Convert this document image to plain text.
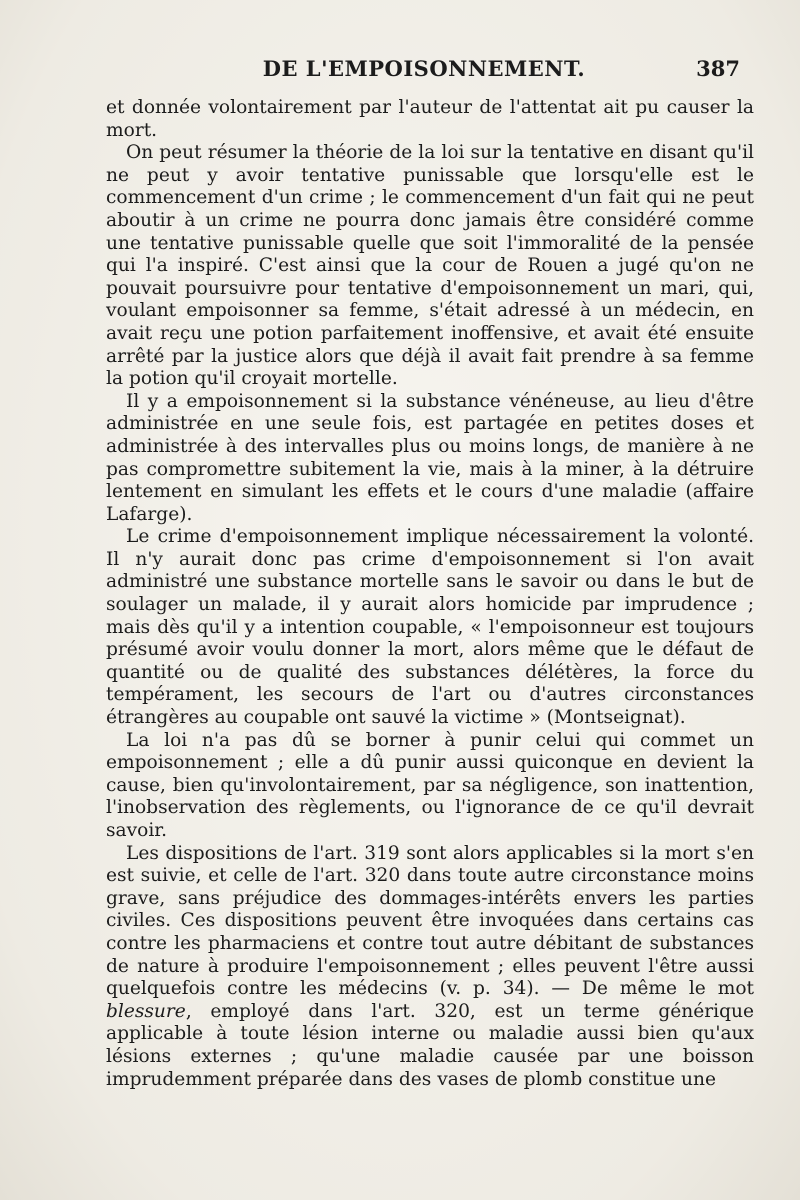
DE L'EMPOISONNEMENT.	387

et donnée volontairement par l'auteur de l'attentat ait pu causer la mort.

On peut résumer la théorie de la loi sur la tentative en disant qu'il ne peut y avoir tentative punissable que lorsqu'elle est le commencement d'un crime ; le commencement d'un fait qui ne peut aboutir à un crime ne pourra donc jamais être considéré comme une tentative punissable quelle que soit l'immoralité de la pensée qui l'a inspiré. C'est ainsi que la cour de Rouen a jugé qu'on ne pouvait poursuivre pour tentative d'empoisonnement un mari, qui, voulant empoisonner sa femme, s'était adressé à un médecin, en avait reçu une potion parfaitement inoffensive, et avait été ensuite arrêté par la justice alors que déjà il avait fait prendre à sa femme la potion qu'il croyait mortelle.

Il y a empoisonnement si la substance vénéneuse, au lieu d'être administrée en une seule fois, est partagée en petites doses et administrée à des intervalles plus ou moins longs, de manière à ne pas compromettre subitement la vie, mais à la miner, à la détruire lentement en simulant les effets et le cours d'une maladie (affaire Lafarge).

Le crime d'empoisonnement implique nécessairement la volonté. Il n'y aurait donc pas crime d'empoisonnement si l'on avait administré une substance mortelle sans le savoir ou dans le but de soulager un malade, il y aurait alors homicide par imprudence ; mais dès qu'il y a intention coupable, « l'empoisonneur est toujours présumé avoir voulu donner la mort, alors même que le défaut de quantité ou de qualité des substances délétères, la force du tempérament, les secours de l'art ou d'autres circonstances étrangères au coupable ont sauvé la victime » (Montseignat).

La loi n'a pas dû se borner à punir celui qui commet un empoisonnement ; elle a dû punir aussi quiconque en devient la cause, bien qu'involontairement, par sa négligence, son inattention, l'inobservation des règlements, ou l'ignorance de ce qu'il devrait savoir.

Les dispositions de l'art. 319 sont alors applicables si la mort s'en est suivie, et celle de l'art. 320 dans toute autre circonstance moins grave, sans préjudice des dommages-intérêts envers les parties civiles. Ces dispositions peuvent être invoquées dans certains cas contre les pharmaciens et contre tout autre débitant de substances de nature à produire l'empoisonnement ; elles peuvent l'être aussi quelquefois contre les médecins (v. p. 34). — De même le mot blessure, employé dans l'art. 320, est un terme générique applicable à toute lésion interne ou maladie aussi bien qu'aux lésions externes ; qu'une maladie causée par une boisson imprudemment préparée dans des vases de plomb constitue une
